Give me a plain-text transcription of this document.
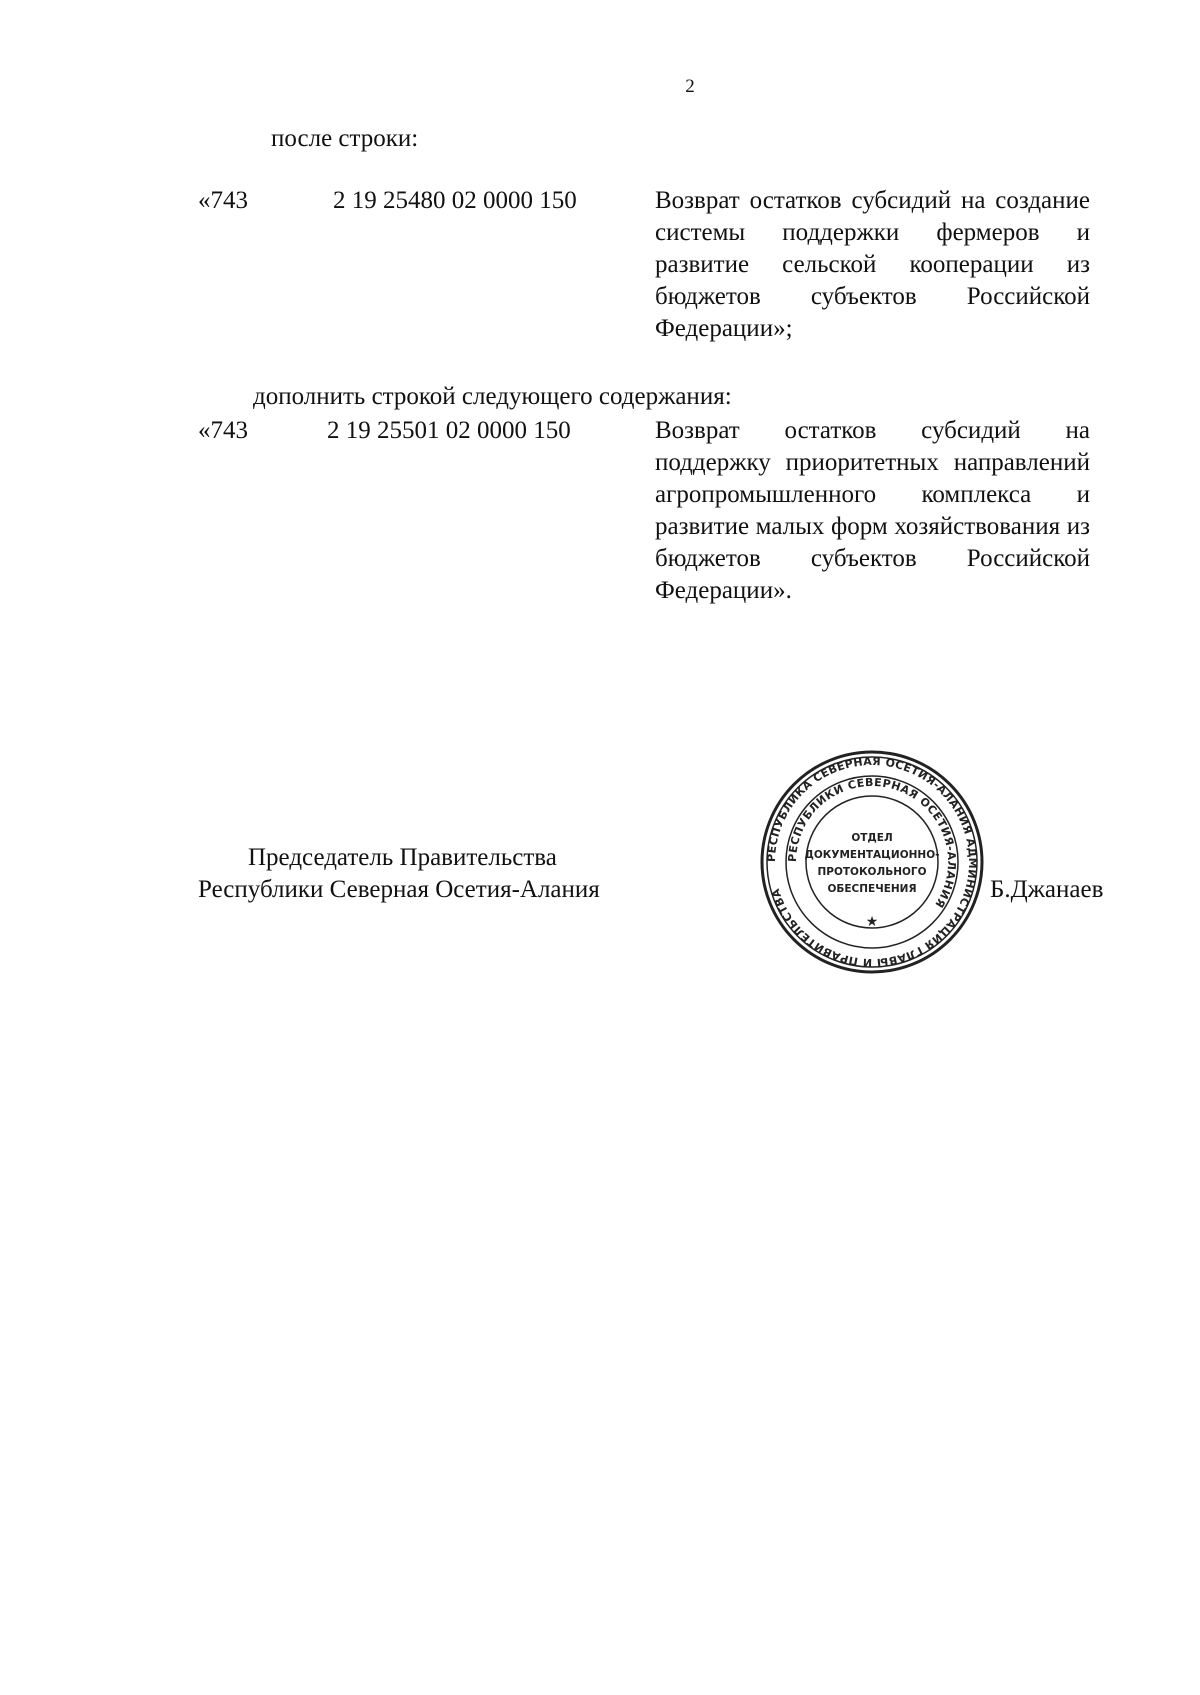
2
после строки:
«743	2 19 25480 02 0000 150	Возврат остатков субсидий на создание системы поддержки фермеров и развитие сельской кооперации из бюджетов субъектов Российской Федерации»;
дополнить строкой следующего содержания:
«743	2 19 25501 02 0000 150	Возврат остатков субсидий на поддержку приоритетных направлений агропромышленного комплекса и развитие малых форм хозяйствования из бюджетов субъектов Российской Федерации».
Председатель Правительства
Республики Северная Осетия-Алания
РЕСПУБЛИКА СЕВЕРНАЯ ОСЕТИЯ-АЛАНИЯ АДМИНИСТРАЦИЯ ГЛАВЫ И ПРАВИТЕЛЬСТВА
РЕСПУБЛИКИ СЕВЕРНАЯ ОСЕТИЯ-АЛАНИЯ
ОТДЕЛ
ДОКУМЕНТАЦИОННО-
ПРОТОКОЛЬНОГО
ОБЕСПЕЧЕНИЯ
★
Б.Джанаев
